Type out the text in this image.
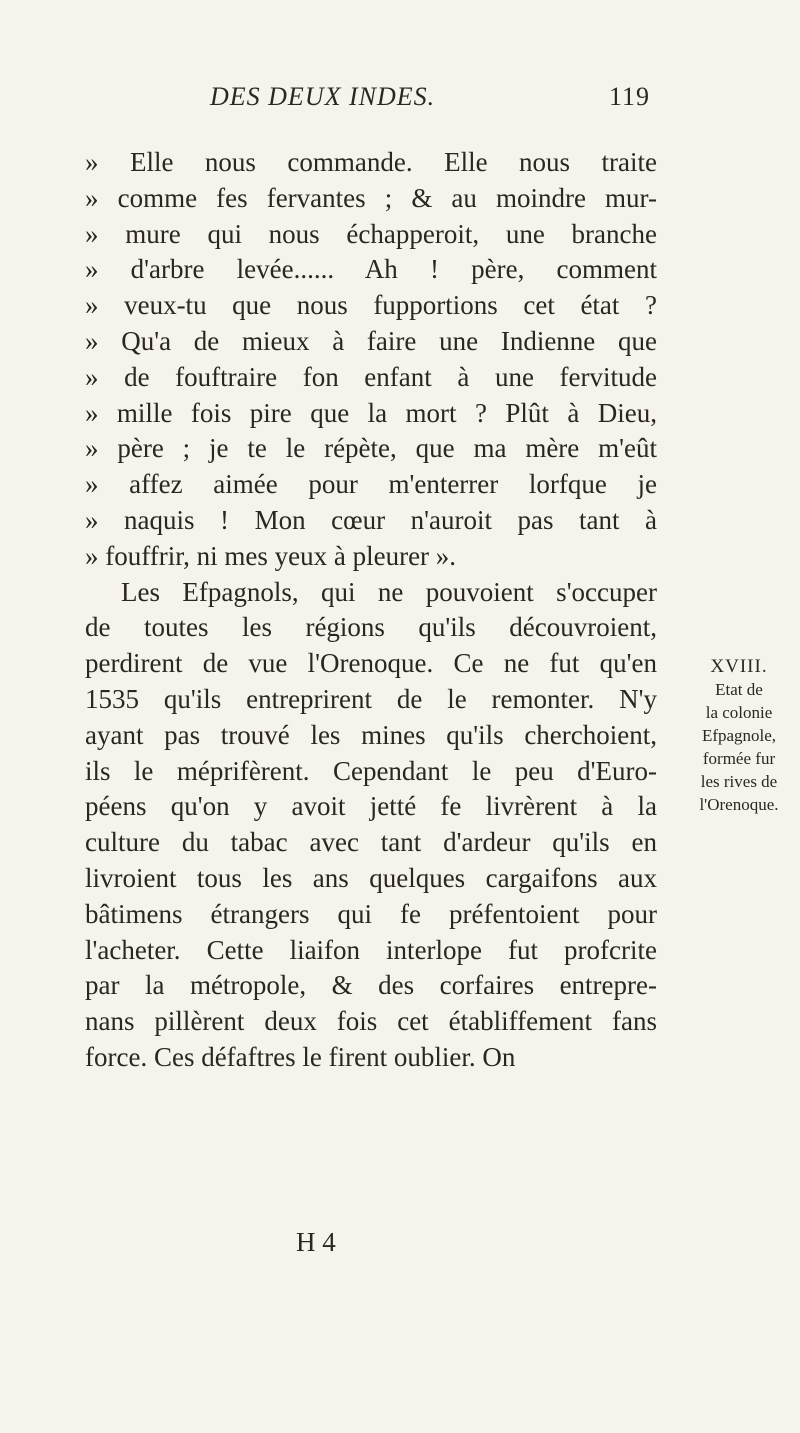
DES DEUX INDES.	119
» Elle nous commande. Elle nous traite
» comme fes fervantes ; & au moindre mur-
» mure qui nous échapperoit, une branche
» d'arbre levée...... Ah ! père, comment
» veux-tu que nous fupportions cet état ?
» Qu'a de mieux à faire une Indienne que
» de fouftraire fon enfant à une fervitude
» mille fois pire que la mort ? Plût à Dieu,
» père ; je te le répète, que ma mère m'eût
» affez aimée pour m'enterrer lorfque je
» naquis ! Mon cœur n'auroit pas tant à
» fouffrir, ni mes yeux à pleurer ».
Les Efpagnols, qui ne pouvoient s'occuper
de toutes les régions qu'ils découvroient,
perdirent de vue l'Orenoque. Ce ne fut qu'en
1535 qu'ils entreprirent de le remonter. N'y
ayant pas trouvé les mines qu'ils cherchoient,
ils le méprifèrent. Cependant le peu d'Euro-
péens qu'on y avoit jetté fe livrèrent à la
culture du tabac avec tant d'ardeur qu'ils en
livroient tous les ans quelques cargaifons aux
bâtimens étrangers qui fe préfentoient pour
l'acheter. Cette liaifon interlope fut profcrite
par la métropole, & des corfaires entrepre-
nans pillèrent deux fois cet établiffement fans
force. Ces défaftres le firent oublier. On
H 4
XVIII.
Etat de
la colonie
Efpagnole,
formée fur
les rives de
l'Orenoque.
